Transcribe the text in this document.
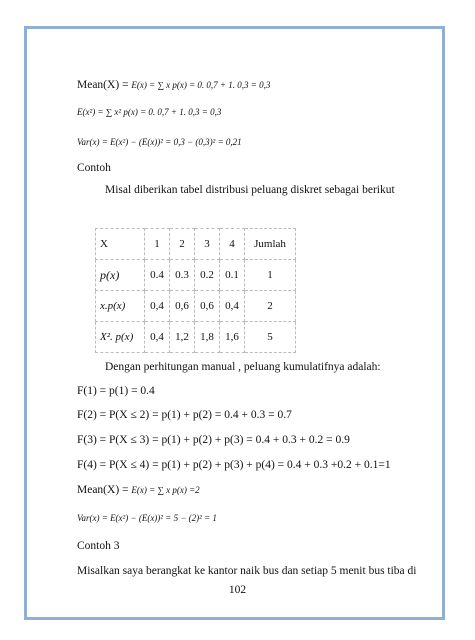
Mean(X) = E(x) = ∑ x p(x) = 0. 0,7 + 1. 0,3 = 0,3
E(x²) = ∑ x² p(x) = 0. 0,7 + 1. 0,3 = 0,3
Var(x) = E(x²) − (E(x))² = 0,3 − (0,3)² = 0,21
Contoh
Misal diberikan tabel distribusi peluang diskret sebagai berikut
X	1	2	3	4	Jumlah
p(x)	0.4	0.3	0.2	0.1	1
x.p(x)	0,4	0,6	0,6	0,4	2
X². p(x)	0,4	1,2	1,8	1,6	5
Dengan perhitungan manual , peluang kumulatifnya adalah:
F(1) = p(1) = 0.4
F(2) = P(X ≤ 2) = p(1) + p(2) = 0.4 + 0.3 = 0.7
F(3) = P(X ≤ 3) = p(1) + p(2) + p(3) = 0.4 + 0.3 + 0.2 = 0.9
F(4) = P(X ≤ 4) = p(1) + p(2) + p(3) + p(4) = 0.4 + 0.3 +0.2 + 0.1=1
Mean(X) = E(x) = ∑ x p(x) =2
Var(x) = E(x²) − (E(x))² = 5 − (2)² = 1
Contoh 3
Misalkan saya berangkat ke kantor naik bus dan setiap 5 menit bus tiba di
102
